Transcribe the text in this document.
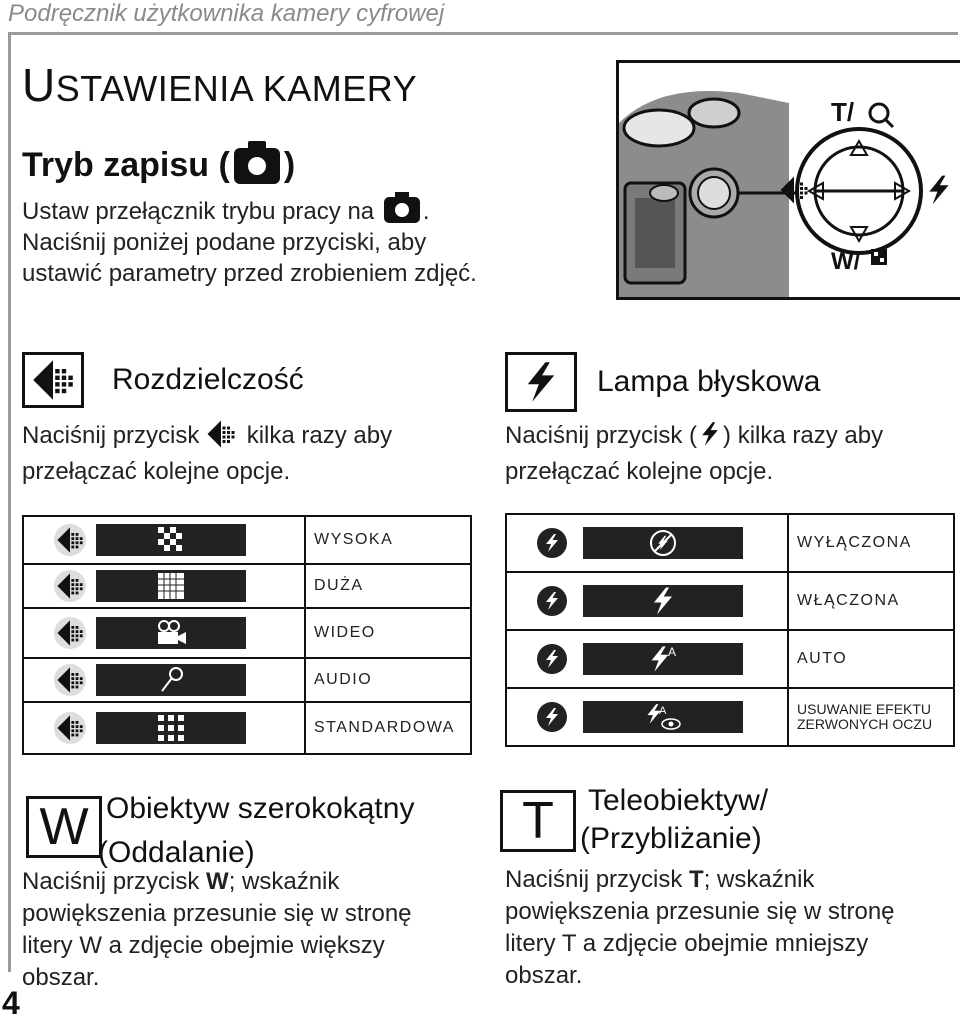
Podręcznik użytkownika kamery cyfrowej
USTAWIENIA KAMERY
Tryb zapisu ( )
Ustaw przełącznik trybu pracy na .
Naciśnij poniżej podane przyciski, aby ustawić parametry przed zrobieniem zdjęć.
T/
W/
Rozdzielczość
Naciśnij przycisk kilka razy aby przełączać kolejne opcje.
	WYSOKA

	DUŻA

	WIDEO

	AUDIO

	STANDARDOWA
Lampa błyskowa
Naciśnij przycisk ( ) kilka razy aby przełączać kolejne opcje.
	WYŁĄCZONA

	WŁĄCZONA

A	AUTO

A	USUWANIE EFEKTU ZERWONYCH OCZU
W Obiektyw szerokokątny
(Oddalanie)
Naciśnij przycisk W; wskaźnik powiększenia przesunie się w stronę litery W a zdjęcie obejmie większy obszar.
T	Teleobiektyw/
(Przybliżanie)
Naciśnij przycisk T; wskaźnik powiększenia przesunie się w stronę litery T a zdjęcie obejmie mniejszy obszar.
4
